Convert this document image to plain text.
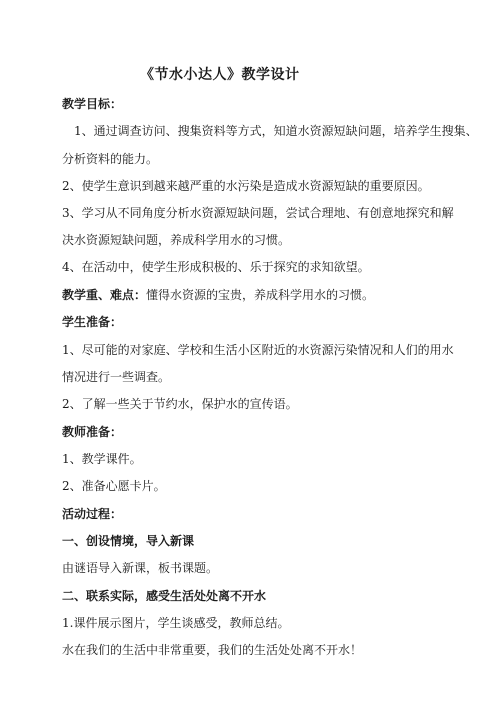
《节水小达人》教学设计
教学目标：
1、通过调查访问、搜集资料等方式，知道水资源短缺问题，培养学生搜集、
分析资料的能力。
2、使学生意识到越来越严重的水污染是造成水资源短缺的重要原因。
3、学习从不同角度分析水资源短缺问题，尝试合理地、有创意地探究和解
决水资源短缺问题，养成科学用水的习惯。
4、在活动中，使学生形成积极的、乐于探究的求知欲望。
教学重、难点：懂得水资源的宝贵，养成科学用水的习惯。
学生准备：
1、尽可能的对家庭、学校和生活小区附近的水资源污染情况和人们的用水
情况进行一些调查。
2、了解一些关于节约水，保护水的宣传语。
教师准备：
1、教学课件。
2、准备心愿卡片。
活动过程：
一、创设情境，导入新课
由谜语导入新课，板书课题。
二、联系实际，感受生活处处离不开水
1.课件展示图片，学生谈感受，教师总结。
水在我们的生活中非常重要，我们的生活处处离不开水！
